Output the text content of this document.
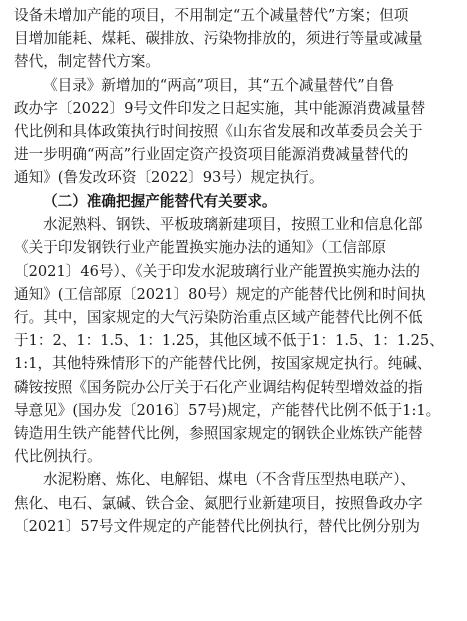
设备未增加产能的项目，不用制定“五个减量替代”方案；但项
目增加能耗、煤耗、碳排放、污染物排放的，须进行等量或减量
替代，制定替代方案。
《目录》新增加的“两高”项目，其“五个减量替代”自鲁
政办字〔2022〕9号文件印发之日起实施，其中能源消费减量替
代比例和具体政策执行时间按照《山东省发展和改革委员会关于
进一步明确“两高”行业固定资产投资项目能源消费减量替代的
通知》(鲁发改环资〔2022〕93号）规定执行。
（二）准确把握产能替代有关要求。
水泥熟料、钢铁、平板玻璃新建项目，按照工业和信息化部
《关于印发钢铁行业产能置换实施办法的通知》（工信部原
〔2021〕46号）、《关于印发水泥玻璃行业产能置换实施办法的
通知》(工信部原〔2021〕80号）规定的产能替代比例和时间执
行。其中，国家规定的大气污染防治重点区域产能替代比例不低
于1：2、1：1.5、1：1.25，其他区域不低于1：1.5、1：1.25、
1:1，其他特殊情形下的产能替代比例，按国家规定执行。纯碱、
磷铵按照《国务院办公厅关于石化产业调结构促转型增效益的指
导意见》(国办发〔2016〕57号)规定，产能替代比例不低于1:1。
铸造用生铁产能替代比例，参照国家规定的钢铁企业炼铁产能替
代比例执行。
水泥粉磨、炼化、电解铝、煤电（不含背压型热电联产）、
焦化、电石、氯碱、铁合金、氮肥行业新建项目，按照鲁政办字
〔2021〕57号文件规定的产能替代比例执行，替代比例分别为
